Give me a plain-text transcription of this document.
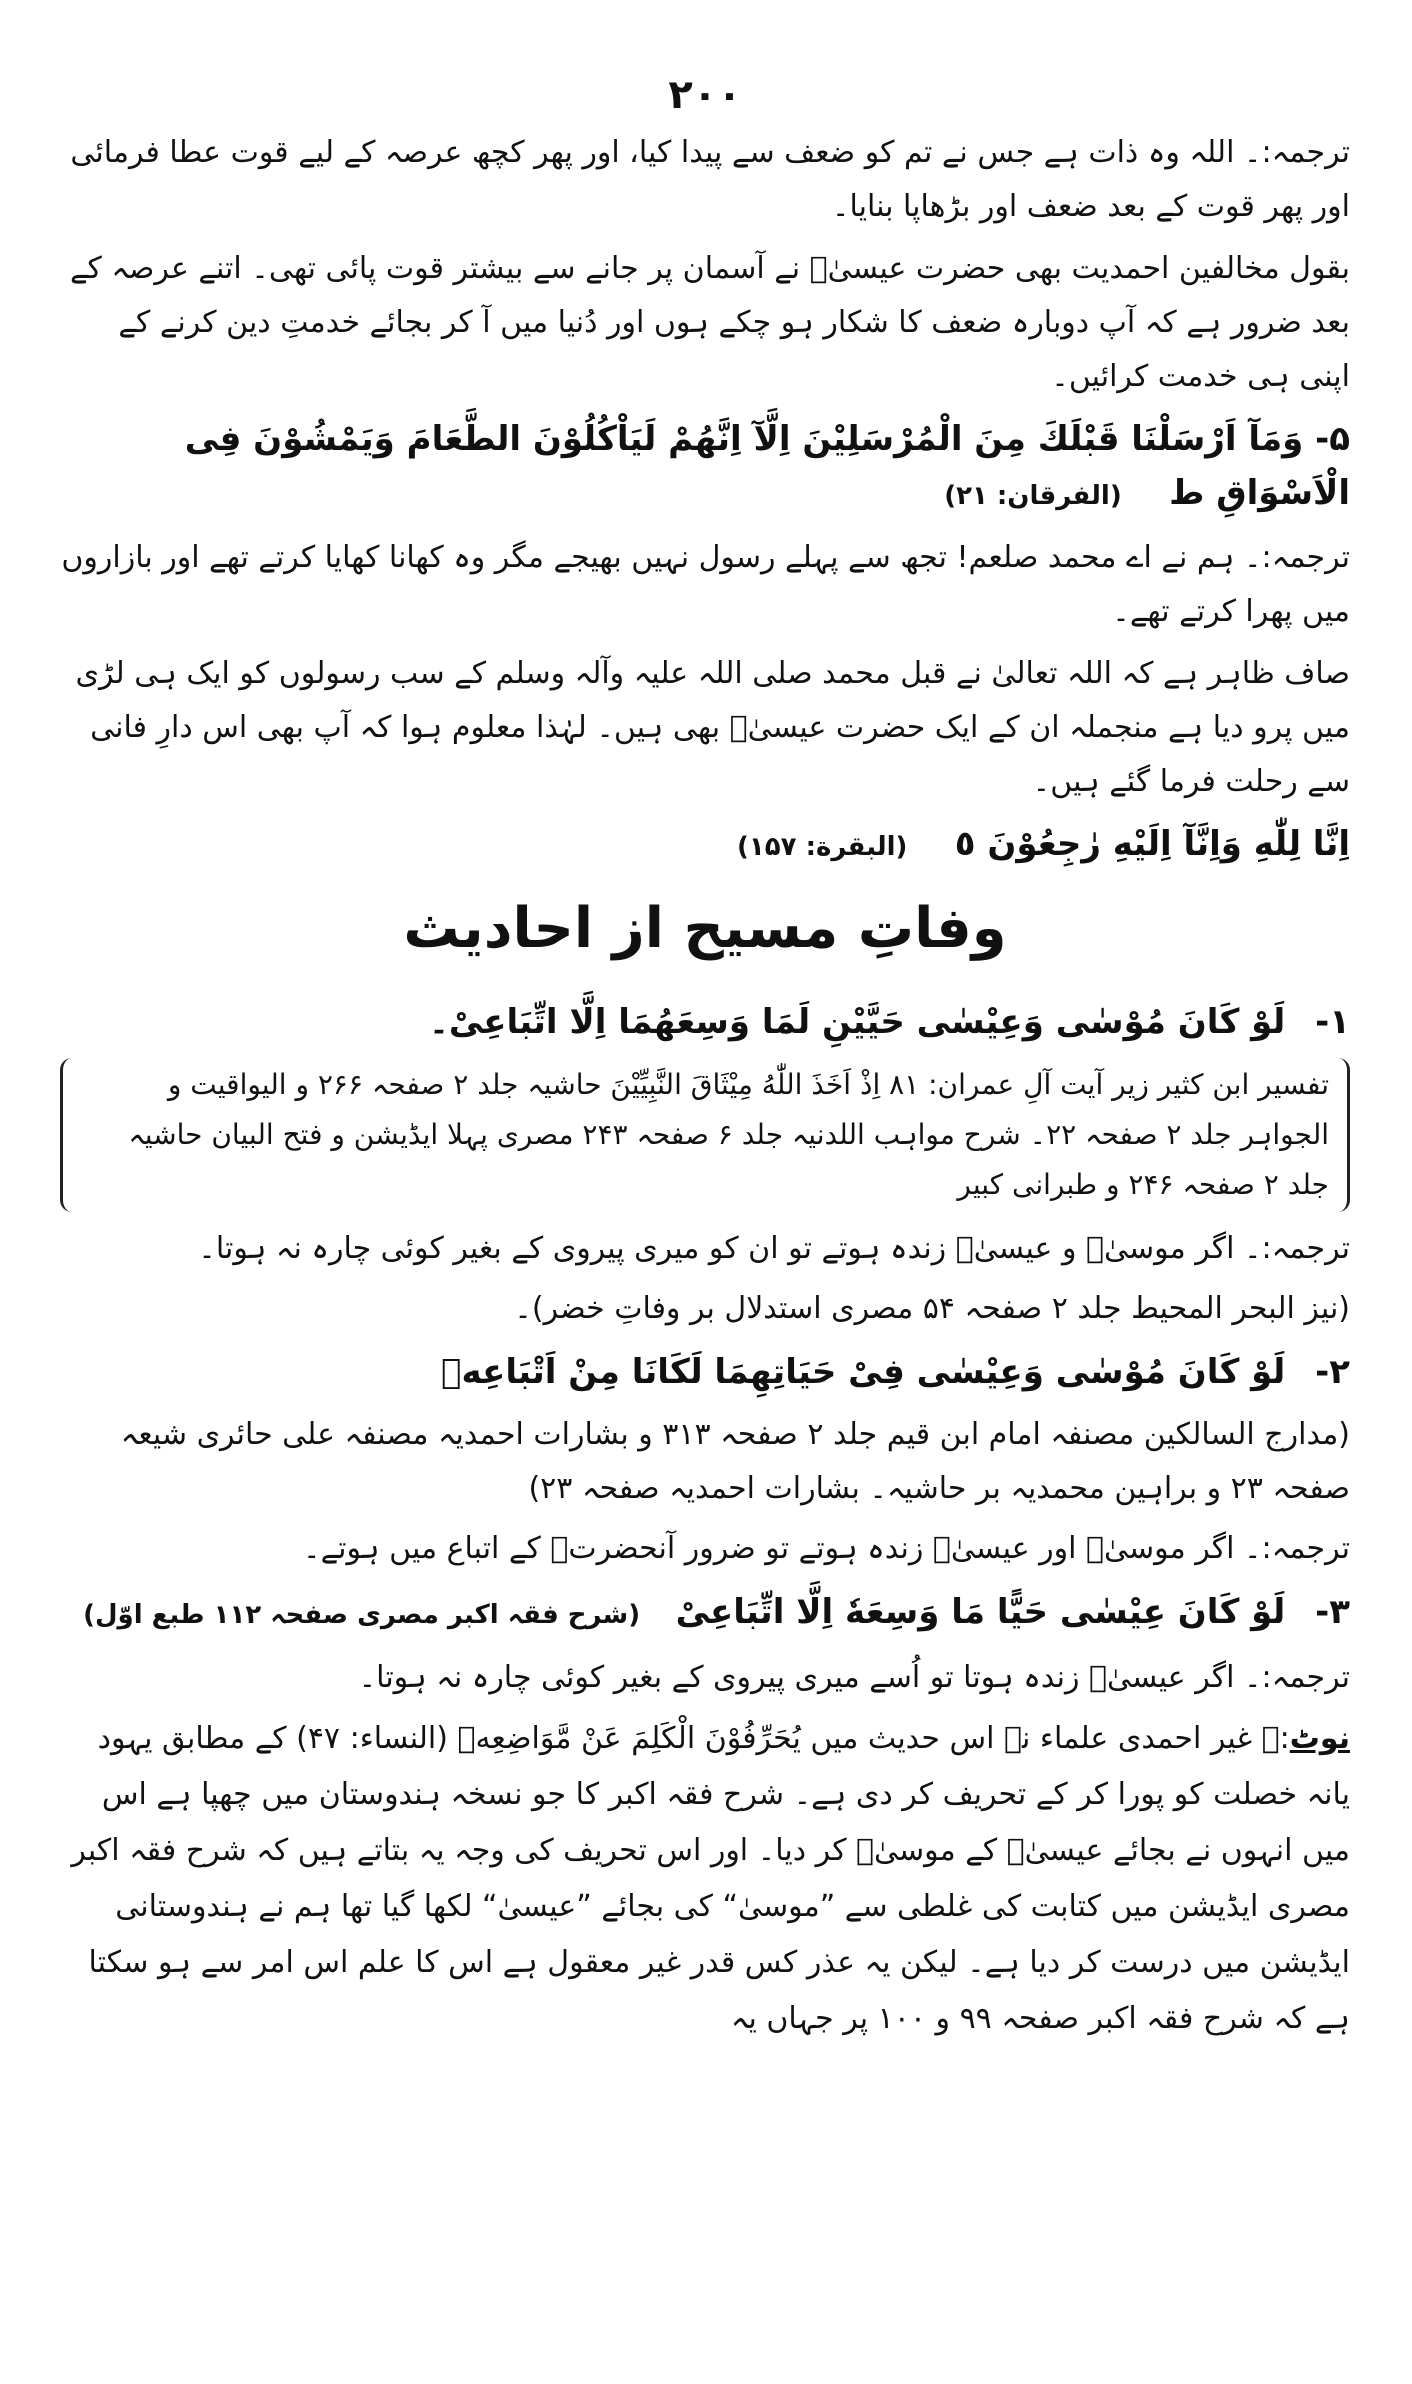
۲۰۰

ترجمہ:۔ اللہ وہ ذات ہے جس نے تم کو ضعف سے پیدا کیا، اور پھر کچھ عرصہ کے لیے قوت عطا فرمائی اور پھر قوت کے بعد ضعف اور بڑھاپا بنایا۔

بقول مخالفین احمدیت بھی حضرت عیسیٰؑ نے آسمان پر جانے سے بیشتر قوت پائی تھی۔ اتنے عرصہ کے بعد ضرور ہے کہ آپ دوبارہ ضعف کا شکار ہو چکے ہوں اور دُنیا میں آ کر بجائے خدمتِ دین کرنے کے اپنی ہی خدمت کرائیں۔

۵- وَمَآ اَرْسَلْنَا قَبْلَكَ مِنَ الْمُرْسَلِيْنَ اِلَّآ اِنَّهُمْ لَيَاْكُلُوْنَ الطَّعَامَ وَيَمْشُوْنَ فِى الْاَسْوَاقِ ط    (الفرقان: ۲۱)

ترجمہ:۔ ہم نے اے محمد صلعم! تجھ سے پہلے رسول نہیں بھیجے مگر وہ کھانا کھایا کرتے تھے اور بازاروں میں پھرا کرتے تھے۔

صاف ظاہر ہے کہ اللہ تعالیٰ نے قبل محمد صلی اللہ علیہ وآلہ وسلم کے سب رسولوں کو ایک ہی لڑی میں پرو دیا ہے منجملہ ان کے ایک حضرت عیسیٰؑ بھی ہیں۔ لہٰذا معلوم ہوا کہ آپ بھی اس دارِ فانی سے رحلت فرما گئے ہیں۔

اِنَّا لِلّٰهِ وَاِنَّآ اِلَيْهِ رٰجِعُوْنَ ٥    (البقرة: ۱۵۷)

وفاتِ مسیح از احادیث

۱- لَوْ كَانَ مُوْسٰى وَعِيْسٰى حَيَّيْنِ لَمَا وَسِعَهُمَا اِلَّا اتِّبَاعِىْ۔

تفسیر ابن کثیر زیر آیت آلِ عمران: ۸۱ اِذْ اَخَذَ اللّٰهُ مِيْثَاقَ النَّبِيِّيْنَ حاشیہ جلد ۲ صفحہ ۲۶۶ و الیواقیت و الجواہر جلد ۲ صفحہ ۲۲۔ شرح مواہب اللدنیہ جلد ۶ صفحہ ۲۴۳ مصری پہلا ایڈیشن و فتح البیان حاشیہ جلد ۲ صفحہ ۲۴۶ و طبرانی کبیر

ترجمہ:۔ اگر موسیٰؑ و عیسیٰؑ زندہ ہوتے تو ان کو میری پیروی کے بغیر کوئی چارہ نہ ہوتا۔

(نیز البحر المحیط جلد ۲ صفحہ ۵۴ مصری استدلال بر وفاتِ خضر)۔

۲- لَوْ كَانَ مُوْسٰى وَعِيْسٰى فِىْ حَيَاتِهِمَا لَكَانَا مِنْ اَتْبَاعِهٖ

(مدارج السالکین مصنفہ امام ابن قیم جلد ۲ صفحہ ۳۱۳ و بشارات احمدیہ مصنفہ علی حائری شیعہ صفحہ ۲۳ و براہین محمدیہ بر حاشیہ۔ بشارات احمدیہ صفحہ ۲۳)

ترجمہ:۔ اگر موسیٰؑ اور عیسیٰؑ زندہ ہوتے تو ضرور آنحضرتؐ کے اتباع میں ہوتے۔

۳- لَوْ كَانَ عِيْسٰى حَيًّا مَا وَسِعَهٗ اِلَّا اتِّبَاعِىْ   (شرح فقہ اکبر مصری صفحہ ۱۱۲ طبع اوّل)

ترجمہ:۔ اگر عیسیٰؑ زندہ ہوتا تو اُسے میری پیروی کے بغیر کوئی چارہ نہ ہوتا۔

نوٹ:۔ غیر احمدی علماء نے اس حدیث میں يُحَرِّفُوْنَ الْكَلِمَ عَنْ مَّوَاضِعِهٖ (النساء: ۴۷) کے مطابق یہود یانہ خصلت کو پورا کر کے تحریف کر دی ہے۔ شرح فقہ اکبر کا جو نسخہ ہندوستان میں چھپا ہے اس میں انہوں نے بجائے عیسیٰؑ کے موسیٰؑ کر دیا۔ اور اس تحریف کی وجہ یہ بتاتے ہیں کہ شرح فقہ اکبر مصری ایڈیشن میں کتابت کی غلطی سے ”موسیٰ“ کی بجائے ”عیسیٰ“ لکھا گیا تھا ہم نے ہندوستانی ایڈیشن میں درست کر دیا ہے۔ لیکن یہ عذر کس قدر غیر معقول ہے اس کا علم اس امر سے ہو سکتا ہے کہ شرح فقہ اکبر صفحہ ۹۹ و ۱۰۰ پر جہاں یہ
